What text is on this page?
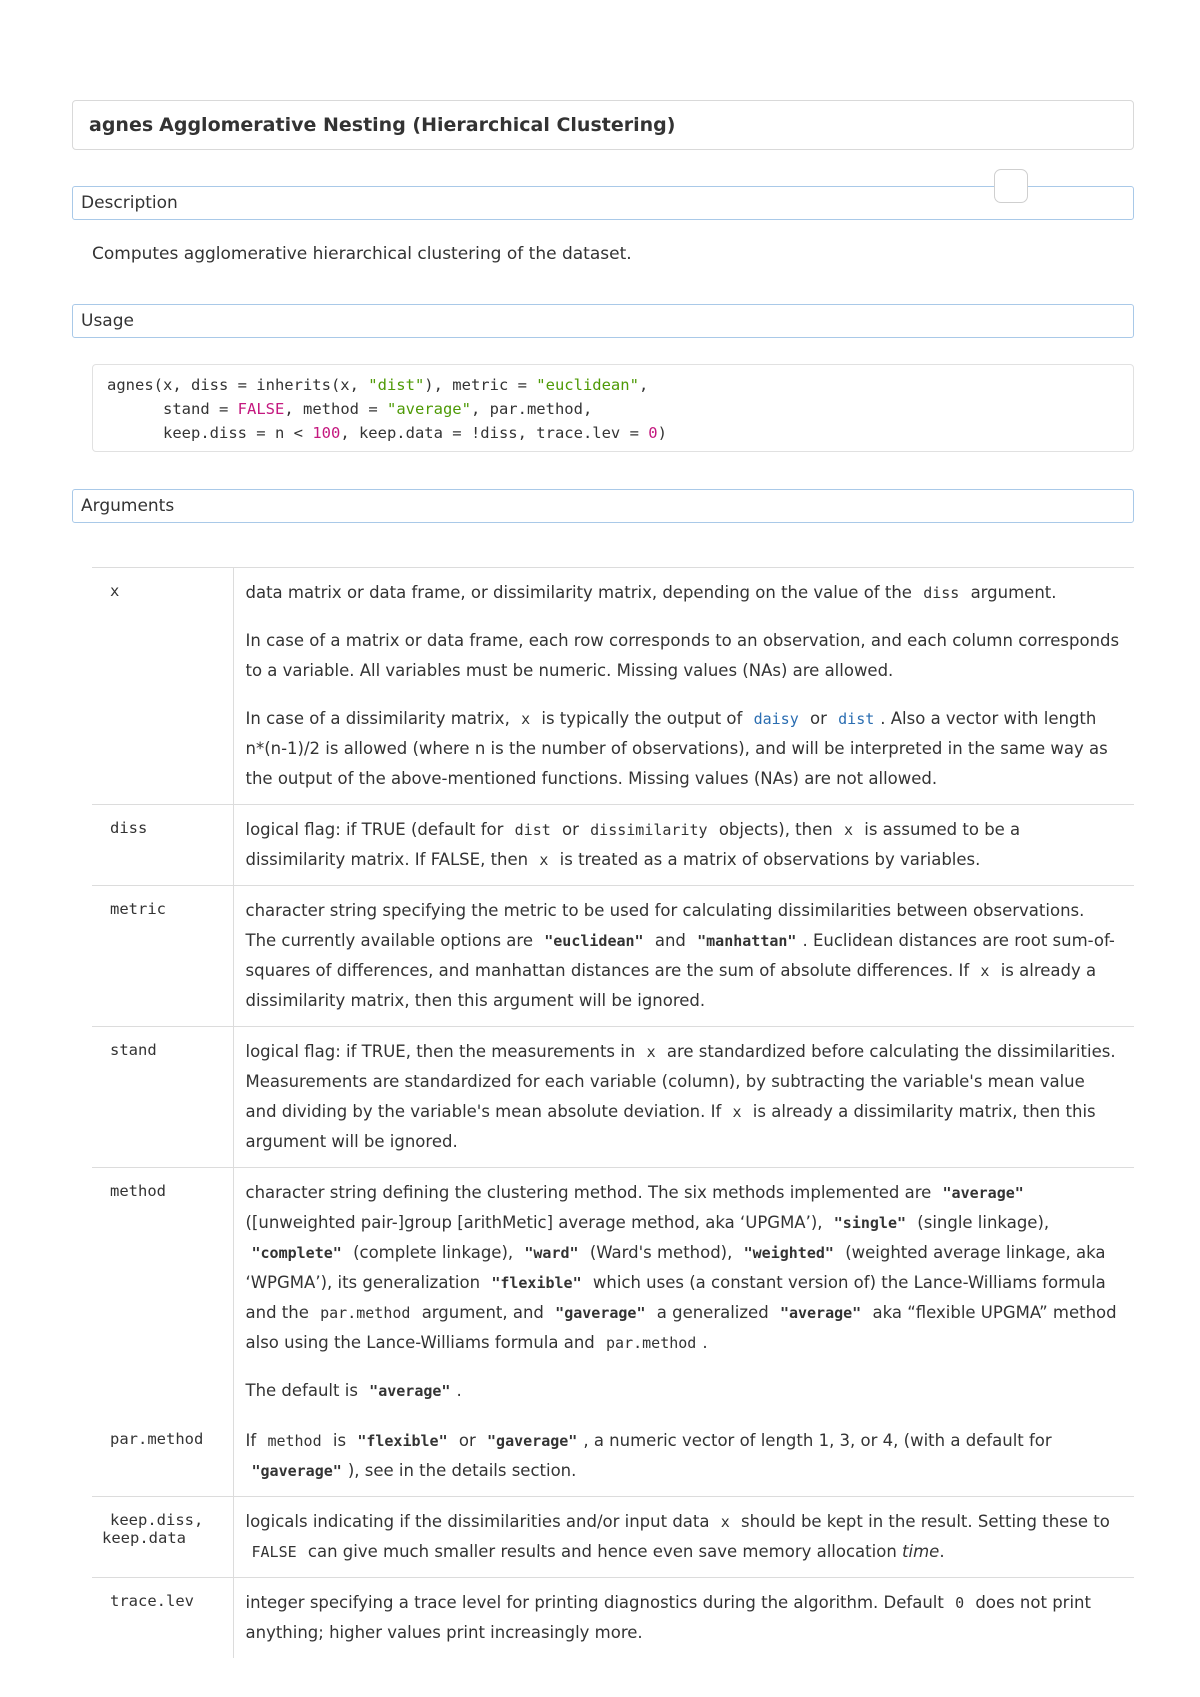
agnes Agglomerative Nesting (Hierarchical Clustering)
Description
Computes agglomerative hierarchical clustering of the dataset.
Usage
agnes(x, diss = inherits(x, "dist"), metric = "euclidean",
stand = FALSE, method = "average", par.method,
keep.diss = n < 100, keep.data = !diss, trace.lev = 0)
Arguments
x	data matrix or data frame, or dissimilarity matrix, depending on the value of the diss argument.

In case of a matrix or data frame, each row corresponds to an observation, and each column corresponds to a variable. All variables must be numeric. Missing values (NAs) are allowed.

In case of a dissimilarity matrix, x is typically the output of daisy or dist . Also a vector with length n*(n-1)/2 is allowed (where n is the number of observations), and will be interpreted in the same way as the output of the above-mentioned functions. Missing values (NAs) are not allowed.

diss	logical flag: if TRUE (default for dist or dissimilarity objects), then x is assumed to be a dissimilarity matrix. If FALSE, then x is treated as a matrix of observations by variables.

metric	character string specifying the metric to be used for calculating dissimilarities between observations. The currently available options are "euclidean" and "manhattan" . Euclidean distances are root sum-of-squares of differences, and manhattan distances are the sum of absolute differences. If x is already a dissimilarity matrix, then this argument will be ignored.

stand	logical flag: if TRUE, then the measurements in x are standardized before calculating the dissimilarities. Measurements are standardized for each variable (column), by subtracting the variable's mean value and dividing by the variable's mean absolute deviation. If x is already a dissimilarity matrix, then this argument will be ignored.

method	character string defining the clustering method. The six methods implemented are "average" ([unweighted pair-]group [arithMetic] average method, aka ‘UPGMA’), "single" (single linkage), "complete" (complete linkage), "ward" (Ward's method), "weighted" (weighted average linkage, aka ‘WPGMA’), its generalization "flexible" which uses (a constant version of) the Lance-Williams formula and the par.method argument, and "gaverage" a generalized "average" aka “flexible UPGMA” method also using the Lance-Williams formula and par.method .

The default is "average" .

par.method	If method is "flexible" or "gaverage" , a numeric vector of length 1, 3, or 4, (with a default for "gaverage" ), see in the details section.

keep.diss,
keep.data	logicals indicating if the dissimilarities and/or input data x should be kept in the result. Setting these to FALSE can give much smaller results and hence even save memory allocation time.

trace.lev	integer specifying a trace level for printing diagnostics during the algorithm. Default 0 does not print anything; higher values print increasingly more.
